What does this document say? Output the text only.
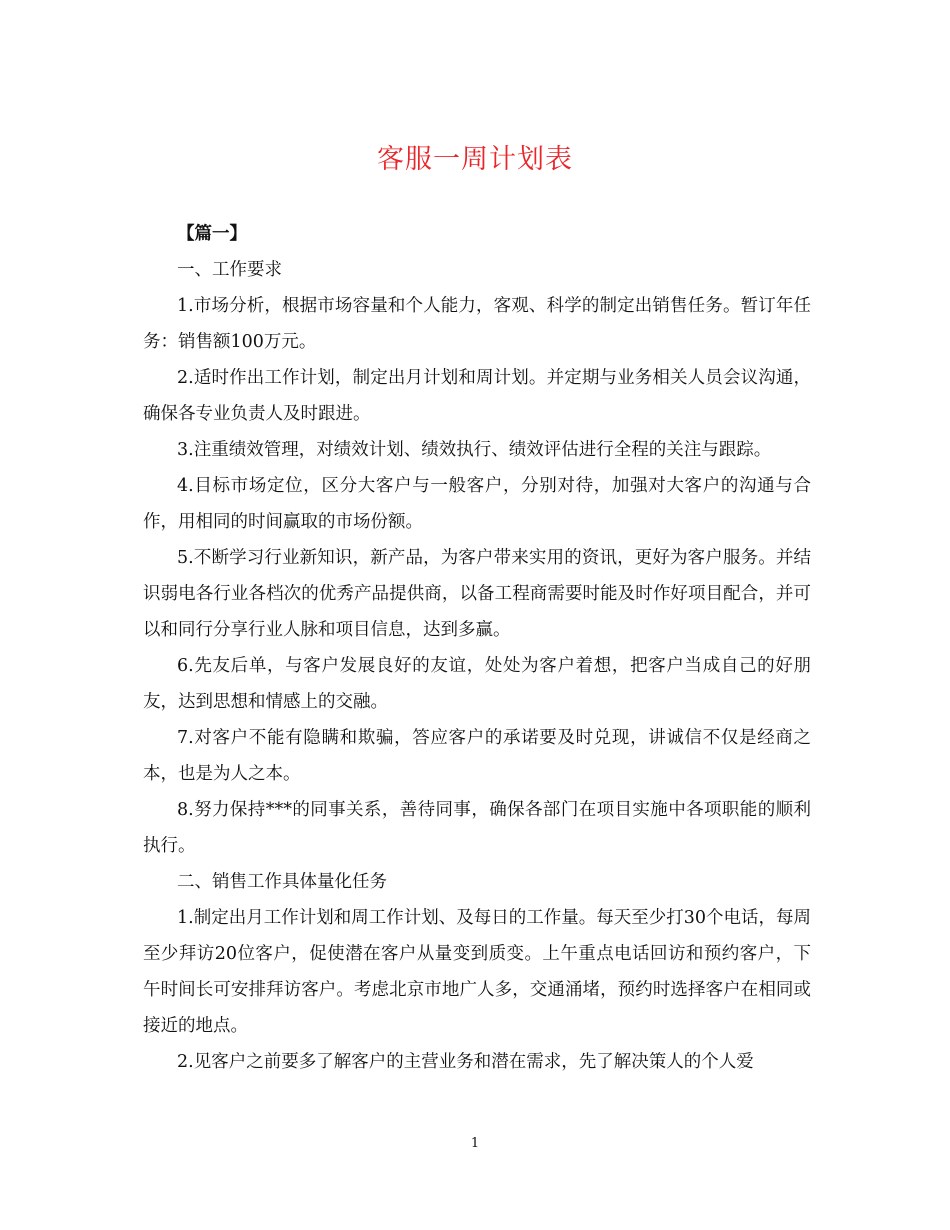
客服一周计划表

【篇一】

一、工作要求

1.市场分析，根据市场容量和个人能力，客观、科学的制定出销售任务。暂订年任务：销售额100万元。

2.适时作出工作计划，制定出月计划和周计划。并定期与业务相关人员会议沟通，确保各专业负责人及时跟进。

3.注重绩效管理，对绩效计划、绩效执行、绩效评估进行全程的关注与跟踪。

4.目标市场定位，区分大客户与一般客户，分别对待，加强对大客户的沟通与合作，用相同的时间赢取的市场份额。

5.不断学习行业新知识，新产品，为客户带来实用的资讯，更好为客户服务。并结识弱电各行业各档次的优秀产品提供商，以备工程商需要时能及时作好项目配合，并可以和同行分享行业人脉和项目信息，达到多赢。

6.先友后单，与客户发展良好的友谊，处处为客户着想，把客户当成自己的好朋友，达到思想和情感上的交融。

7.对客户不能有隐瞒和欺骗，答应客户的承诺要及时兑现，讲诚信不仅是经商之本，也是为人之本。

8.努力保持***的同事关系，善待同事，确保各部门在项目实施中各项职能的顺利执行。

二、销售工作具体量化任务

1.制定出月工作计划和周工作计划、及每日的工作量。每天至少打30个电话，每周至少拜访20位客户，促使潜在客户从量变到质变。上午重点电话回访和预约客户，下午时间长可安排拜访客户。考虑北京市地广人多，交通涌堵，预约时选择客户在相同或接近的地点。

2.见客户之前要多了解客户的主营业务和潜在需求，先了解决策人的个人爱

1
